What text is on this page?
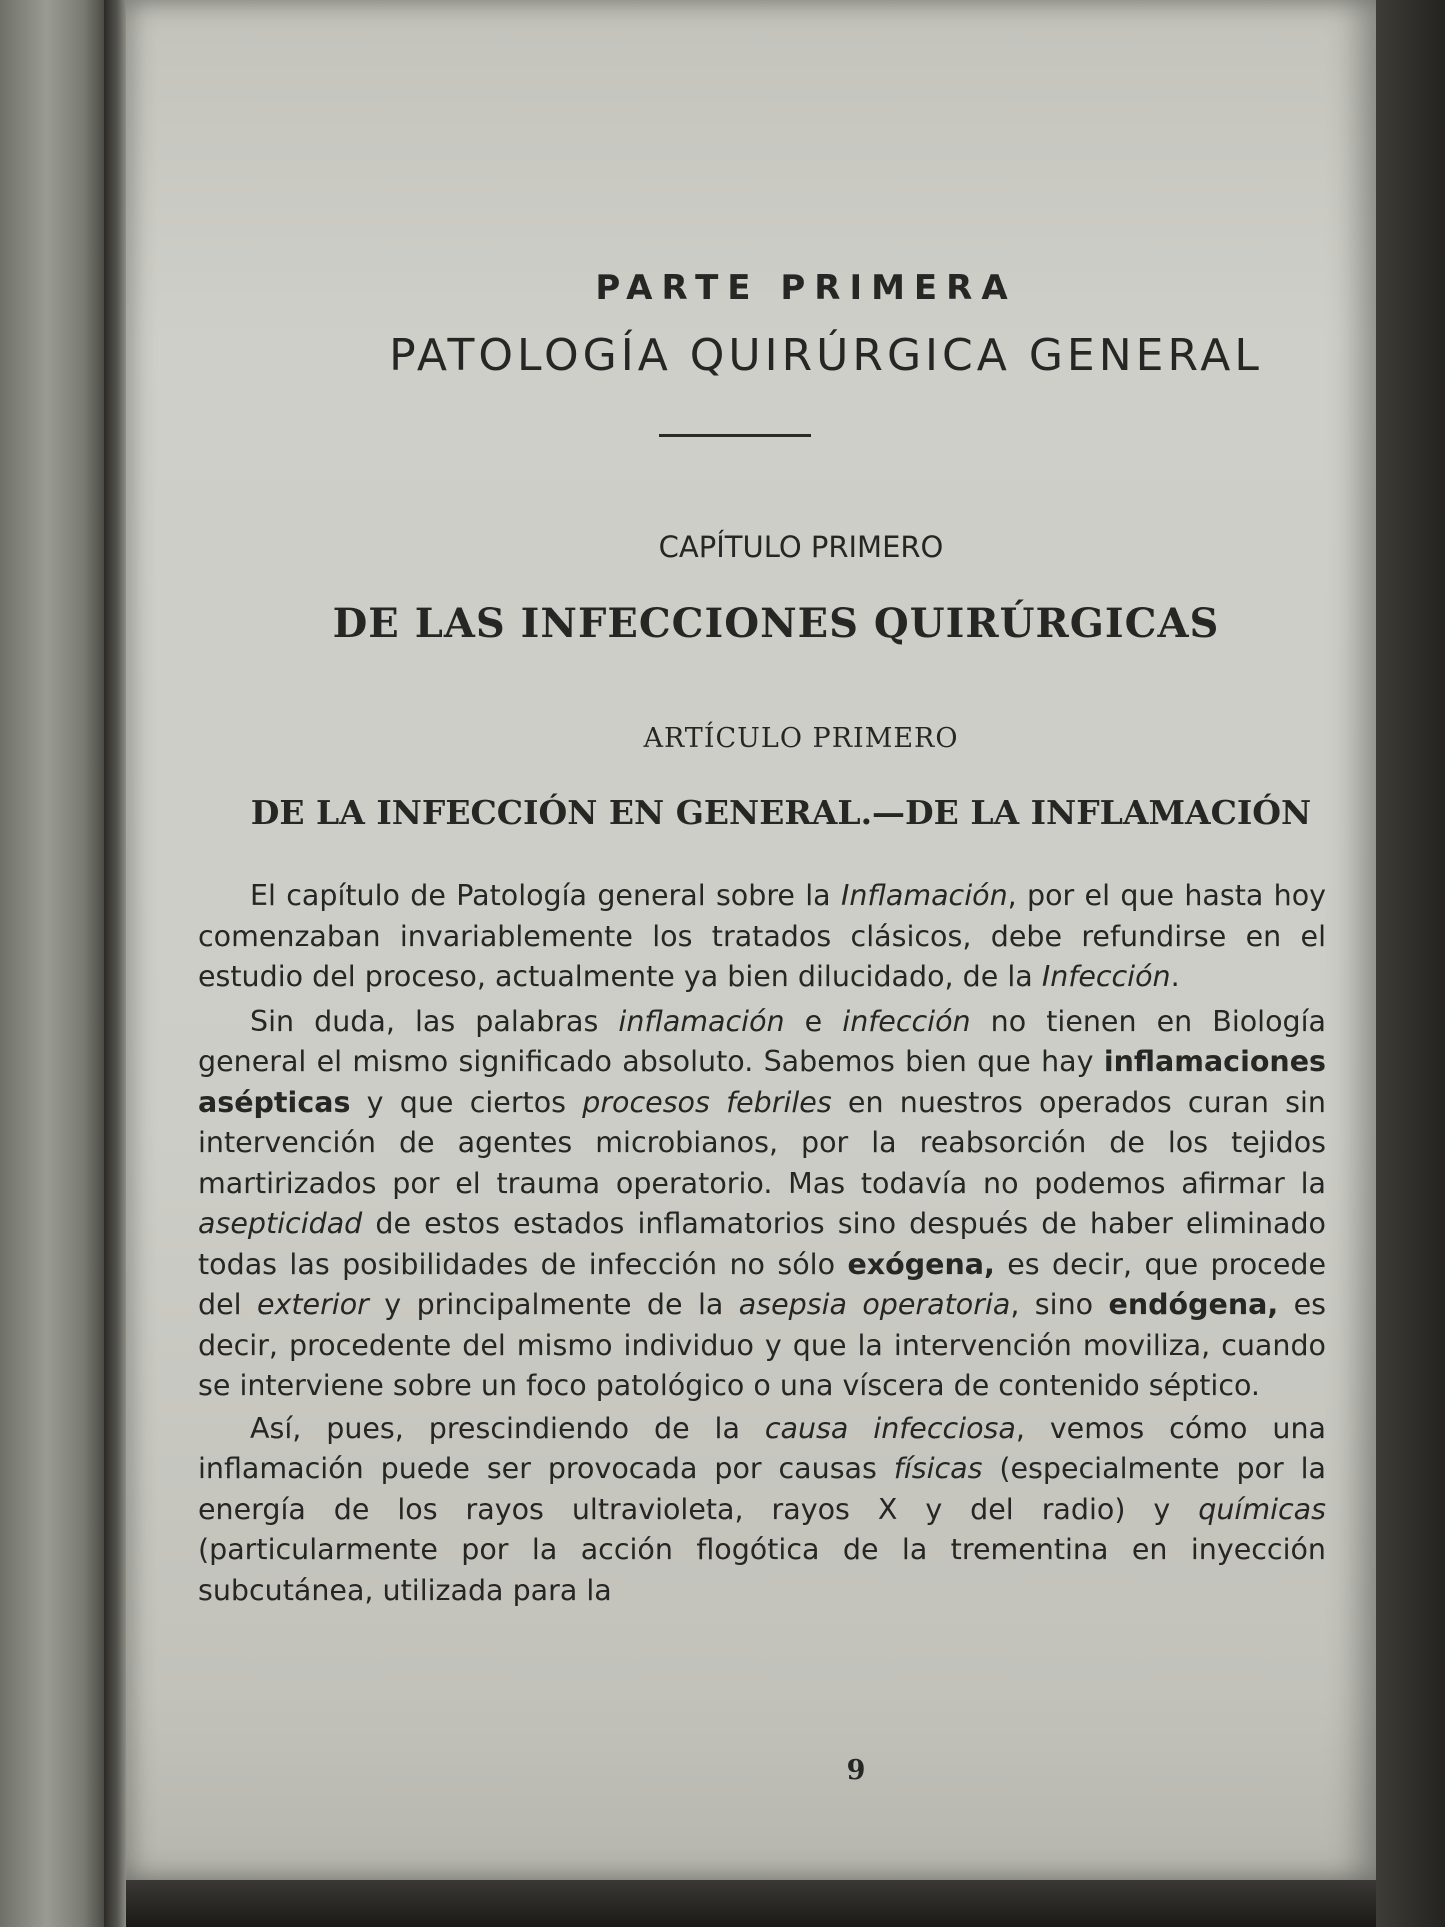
PARTE PRIMERA
PATOLOGÍA QUIRÚRGICA GENERAL
CAPÍTULO PRIMERO
DE LAS INFECCIONES QUIRÚRGICAS
ARTÍCULO PRIMERO
DE LA INFECCIÓN EN GENERAL.—DE LA INFLAMACIÓN

El capítulo de Patología general sobre la Inflamación, por el que hasta hoy comenzaban invariablemente los tratados clásicos, debe refundirse en el estudio del proceso, actualmente ya bien dilucidado, de la Infección.

Sin duda, las palabras inflamación e infección no tienen en Biología general el mismo significado absoluto. Sabemos bien que hay inflamaciones asépticas y que ciertos procesos febriles en nuestros operados curan sin intervención de agentes microbianos, por la reabsorción de los tejidos martirizados por el trauma operatorio. Mas todavía no podemos afirmar la asepticidad de estos estados inflamatorios sino después de haber eliminado todas las posibilidades de infección no sólo exógena, es decir, que procede del exterior y principalmente de la asepsia operatoria, sino endógena, es decir, procedente del mismo individuo y que la intervención moviliza, cuando se interviene sobre un foco patológico o una víscera de contenido séptico.

Así, pues, prescindiendo de la causa infecciosa, vemos cómo una inflamación puede ser provocada por causas físicas (especialmente por la energía de los rayos ultravioleta, rayos X y del radio) y químicas (particularmente por la acción flogótica de la trementina en inyección subcutánea, utilizada para la

9
